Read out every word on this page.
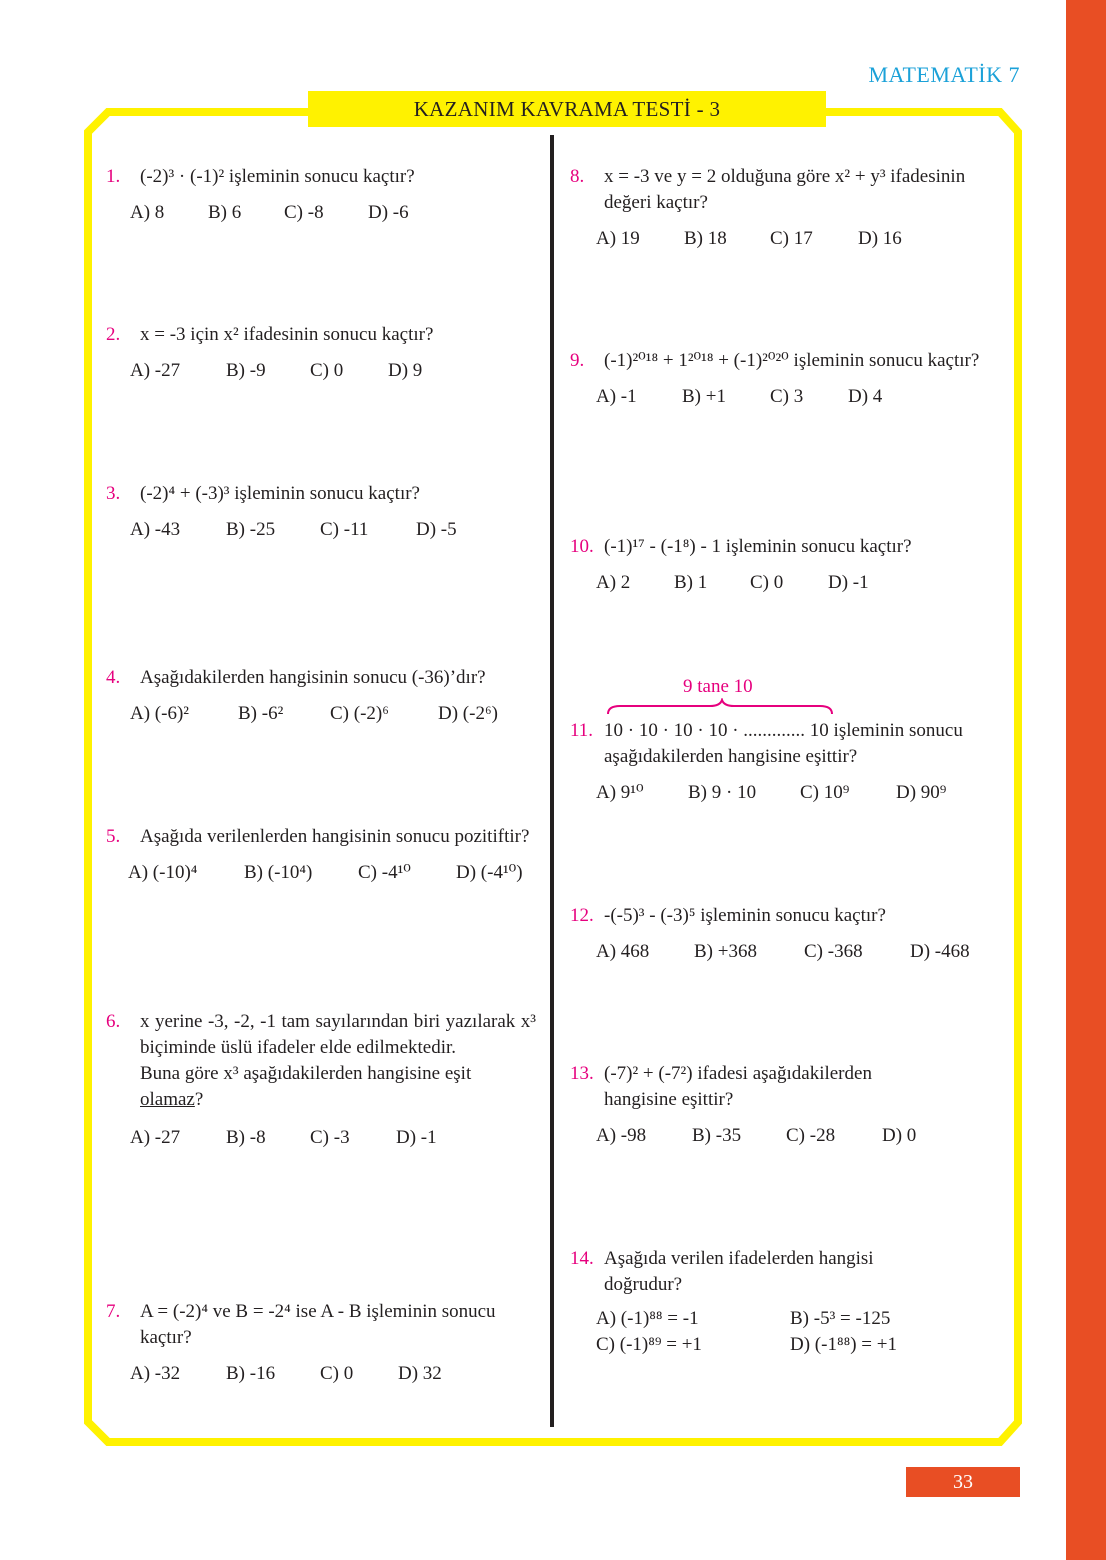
MATEMATİK 7
KAZANIM KAVRAMA TESTİ - 3
1. (-2)³ · (-1)² işleminin sonucu kaçtır?
A) 8 B) 6 C) -8 D) -6
2. x = -3 için x² ifadesinin sonucu kaçtır?
A) -27 B) -9 C) 0 D) 9
3. (-2)⁴ + (-3)³ işleminin sonucu kaçtır?
A) -43 B) -25 C) -11	D) -5
4. Aşağıdakilerden hangisinin sonucu (-36)’dır?
A) (-6)²	B) -6² C) (-2)⁶	D) (-2⁶)
5. Aşağıda verilenlerden hangisinin sonucu pozitiftir?
A) (-10)⁴ B) (-10⁴) C) -4¹⁰ D) (-4¹⁰)
6. x yerine -3, -2, -1 tam sayılarından biri yazılarak x³ biçiminde üslü ifadeler elde edilmektedir.
Buna göre x³ aşağıdakilerden hangisine eşit
olamaz?
A) -27 B) -8 C) -3 D) -1
7. A = (-2)⁴ ve B = -2⁴ ise A - B işleminin sonucu kaçtır?
A) -32 B) -16 C) 0 D) 32
8. x = -3 ve y = 2 olduğuna göre x² + y³ ifadesinin değeri kaçtır?
A) 19 B) 18 C) 17 D) 16
9. (-1)²⁰¹⁸ + 1²⁰¹⁸ + (-1)²⁰²⁰ işleminin sonucu kaçtır?
A) -1 B) +1 C) 3 D) 4
10. (-1)¹⁷ - (-1⁸) - 1 işleminin sonucu kaçtır?
A) 2 B) 1 C) 0 D) -1
9 tane 10
11. 10 · 10 · 10 · 10 · ............. 10 işleminin sonucu aşağıdakilerden hangisine eşittir?
A) 9¹⁰ B) 9 · 10 C) 10⁹ D) 90⁹
12. -(-5)³ - (-3)⁵ işleminin sonucu kaçtır?
A) 468 B) +368 C) -368 D) -468
13. (-7)² + (-7²) ifadesi aşağıdakilerden hangisine eşittir?
A) -98 B) -35 C) -28 D) 0
14. Aşağıda verilen ifadelerden hangisi doğrudur?
A) (-1)⁸⁸ = -1	B) -5³ = -125
C) (-1)⁸⁹ = +1	D) (-1⁸⁸) = +1
33
